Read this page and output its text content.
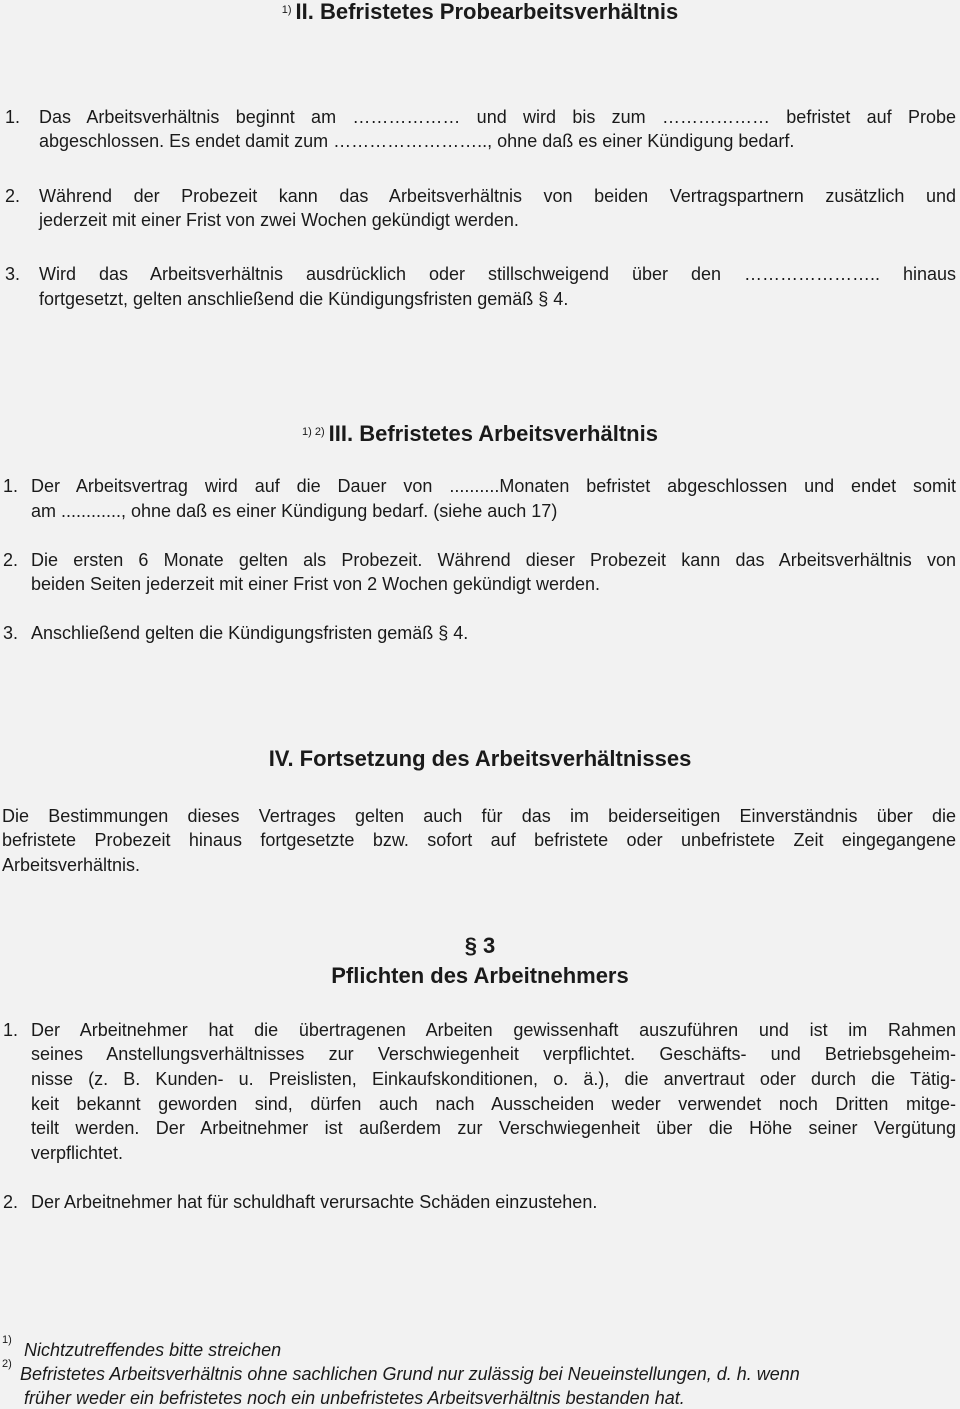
$^{1)}$ II. Befristetes Probearbeitsverhältnis
1. Das Arbeitsverhältnis beginnt am ……………… und wird bis zum ……………… befristet auf Probe
abgeschlossen. Es endet damit zum …………………….., ohne daß es einer Kündigung bedarf.
2. Während der Probezeit kann das Arbeitsverhältnis von beiden Vertragspartnern zusätzlich und
jederzeit mit einer Frist von zwei Wochen gekündigt werden.
3. Wird das Arbeitsverhältnis ausdrücklich oder stillschweigend über den ………………….. hinaus
fortgesetzt, gelten anschließend die Kündigungsfristen gemäß § 4.
$^{1) 2)}$ III. Befristetes Arbeitsverhältnis
1. Der Arbeitsvertrag wird auf die Dauer von ..........Monaten befristet abgeschlossen und endet somit
am ............, ohne daß es einer Kündigung bedarf. (siehe auch 17)
2. Die ersten 6 Monate gelten als Probezeit. Während dieser Probezeit kann das Arbeitsverhältnis von
beiden Seiten jederzeit mit einer Frist von 2 Wochen gekündigt werden.
3. Anschließend gelten die Kündigungsfristen gemäß § 4.
IV. Fortsetzung des Arbeitsverhältnisses
Die Bestimmungen dieses Vertrages gelten auch für das im beiderseitigen Einverständnis über die
befristete Probezeit hinaus fortgesetzte bzw. sofort auf befristete oder unbefristete Zeit eingegangene
Arbeitsverhältnis.
§ 3
Pflichten des Arbeitnehmers
1. Der Arbeitnehmer hat die übertragenen Arbeiten gewissenhaft auszuführen und ist im Rahmen
seines Anstellungsverhältnisses zur Verschwiegenheit verpflichtet. Geschäfts- und Betriebsgeheim-
nisse (z. B. Kunden- u. Preislisten, Einkaufskonditionen, o. ä.), die anvertraut oder durch die Tätig-
keit bekannt geworden sind, dürfen auch nach Ausscheiden weder verwendet noch Dritten mitge-
teilt werden. Der Arbeitnehmer ist außerdem zur Verschwiegenheit über die Höhe seiner Vergütung
verpflichtet.
2. Der Arbeitnehmer hat für schuldhaft verursachte Schäden einzustehen.
1) Nichtzutreffendes bitte streichen
2) Befristetes Arbeitsverhältnis ohne sachlichen Grund nur zulässig bei Neueinstellungen, d. h. wenn
früher weder ein befristetes noch ein unbefristetes Arbeitsverhältnis bestanden hat.
